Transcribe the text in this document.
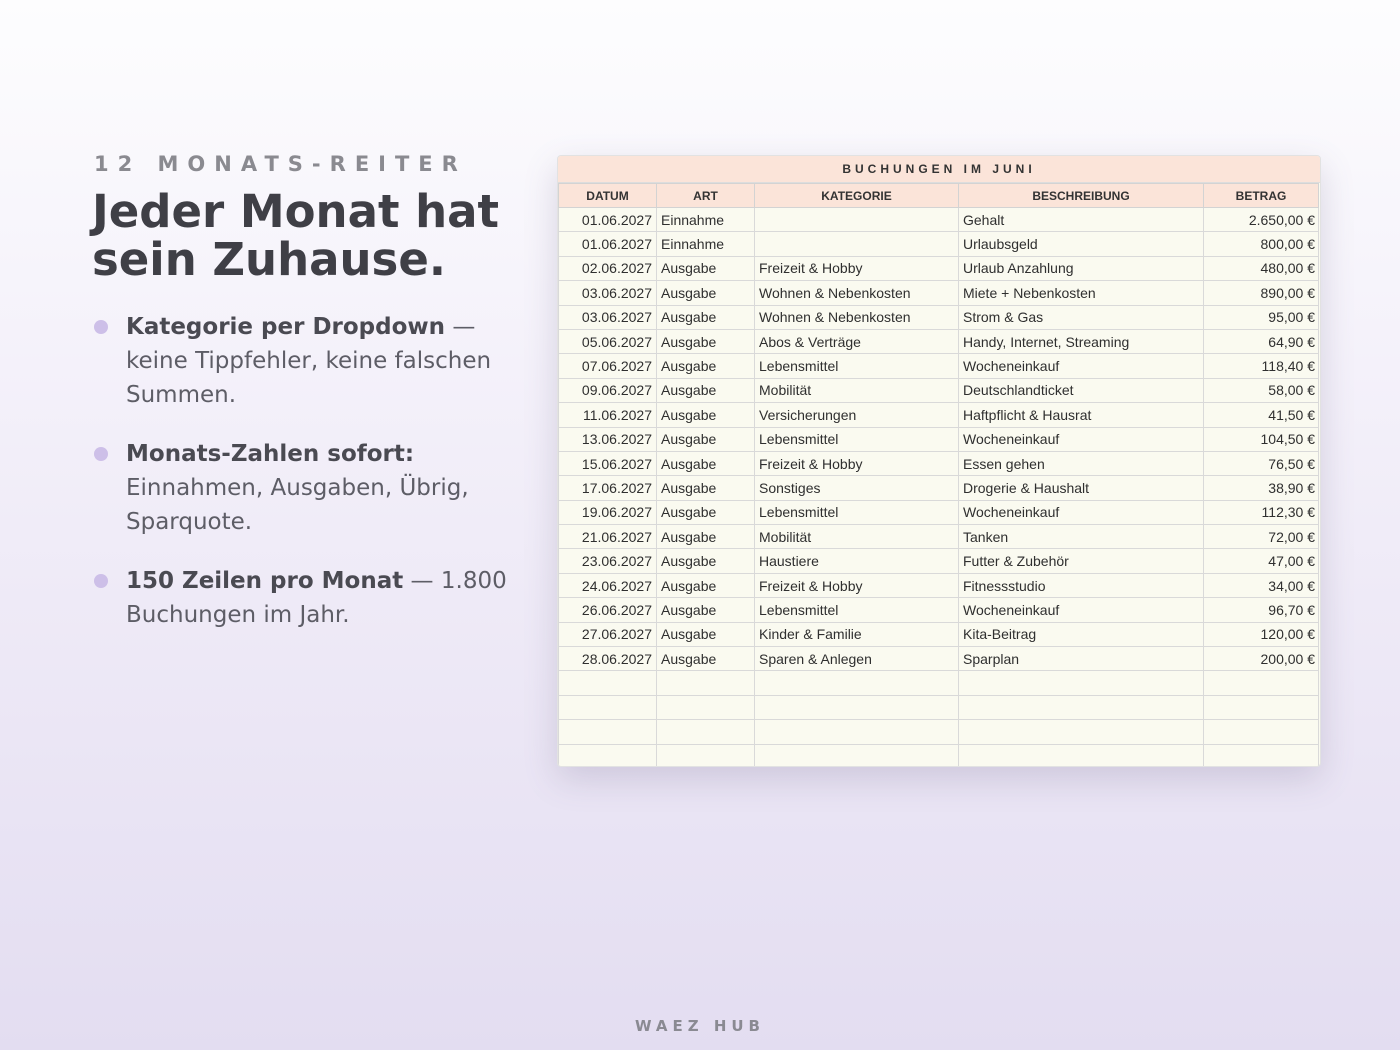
12 MONATS-REITER
Jeder Monat hat
sein Zuhause.
Kategorie per Dropdown — keine Tippfehler, keine falschen Summen.
Monats-Zahlen sofort: Einnahmen, Ausgaben, Übrig, Sparquote.
150 Zeilen pro Monat — 1.800 Buchungen im Jahr.
BUCHUNGEN IM JUNI
DATUM	ART	KATEGORIE	BESCHREIBUNG	BETRAG
01.06.2027	Einnahme		Gehalt	2.650,00 €
01.06.2027	Einnahme		Urlaubsgeld	800,00 €
02.06.2027	Ausgabe	Freizeit & Hobby	Urlaub Anzahlung	480,00 €
03.06.2027	Ausgabe	Wohnen & Nebenkosten	Miete + Nebenkosten	890,00 €
03.06.2027	Ausgabe	Wohnen & Nebenkosten	Strom & Gas	95,00 €
05.06.2027	Ausgabe	Abos & Verträge	Handy, Internet, Streaming	64,90 €
07.06.2027	Ausgabe	Lebensmittel	Wocheneinkauf	118,40 €
09.06.2027	Ausgabe	Mobilität	Deutschlandticket	58,00 €
11.06.2027	Ausgabe	Versicherungen	Haftpflicht & Hausrat	41,50 €
13.06.2027	Ausgabe	Lebensmittel	Wocheneinkauf	104,50 €
15.06.2027	Ausgabe	Freizeit & Hobby	Essen gehen	76,50 €
17.06.2027	Ausgabe	Sonstiges	Drogerie & Haushalt	38,90 €
19.06.2027	Ausgabe	Lebensmittel	Wocheneinkauf	112,30 €
21.06.2027	Ausgabe	Mobilität	Tanken	72,00 €
23.06.2027	Ausgabe	Haustiere	Futter & Zubehör	47,00 €
24.06.2027	Ausgabe	Freizeit & Hobby	Fitnessstudio	34,00 €
26.06.2027	Ausgabe	Lebensmittel	Wocheneinkauf	96,70 €
27.06.2027	Ausgabe	Kinder & Familie	Kita-Beitrag	120,00 €
28.06.2027	Ausgabe	Sparen & Anlegen	Sparplan	200,00 €

WAEZ HUB
